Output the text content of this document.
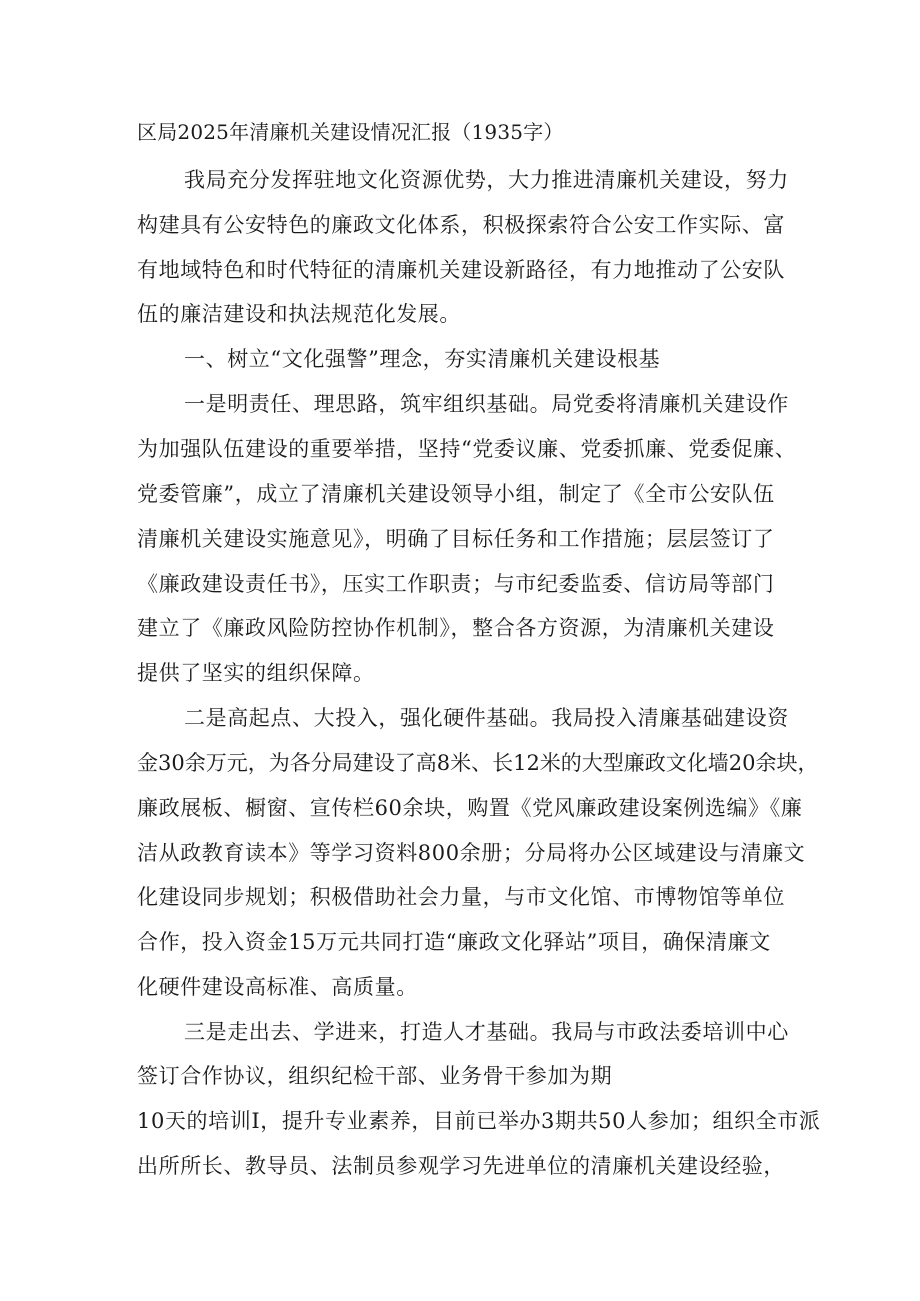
区局2025年清廉机关建设情况汇报（1935字）
我局充分发挥驻地文化资源优势，大力推进清廉机关建设，努力
构建具有公安特色的廉政文化体系，积极探索符合公安工作实际、富
有地域特色和时代特征的清廉机关建设新路径，有力地推动了公安队
伍的廉洁建设和执法规范化发展。
一、树立“文化强警”理念，夯实清廉机关建设根基
一是明责任、理思路，筑牢组织基础。局党委将清廉机关建设作
为加强队伍建设的重要举措，坚持“党委议廉、党委抓廉、党委促廉、
党委管廉”，成立了清廉机关建设领导小组，制定了《全市公安队伍
清廉机关建设实施意见》，明确了目标任务和工作措施；层层签订了
《廉政建设责任书》，压实工作职责；与市纪委监委、信访局等部门
建立了《廉政风险防控协作机制》，整合各方资源，为清廉机关建设
提供了坚实的组织保障。
二是高起点、大投入，强化硬件基础。我局投入清廉基础建设资
金30余万元，为各分局建设了高8米、长12米的大型廉政文化墙20余块，
廉政展板、橱窗、宣传栏60余块，购置《党风廉政建设案例选编》《廉
洁从政教育读本》等学习资料800余册；分局将办公区域建设与清廉文
化建设同步规划；积极借助社会力量，与市文化馆、市博物馆等单位
合作，投入资金15万元共同打造“廉政文化驿站”项目，确保清廉文
化硬件建设高标准、高质量。
三是走出去、学进来，打造人才基础。我局与市政法委培训中心
签订合作协议，组织纪检干部、业务骨干参加为期
10天的培训I，提升专业素养，目前已举办3期共50人参加；组织全市派
出所所长、教导员、法制员参观学习先进单位的清廉机关建设经验，
